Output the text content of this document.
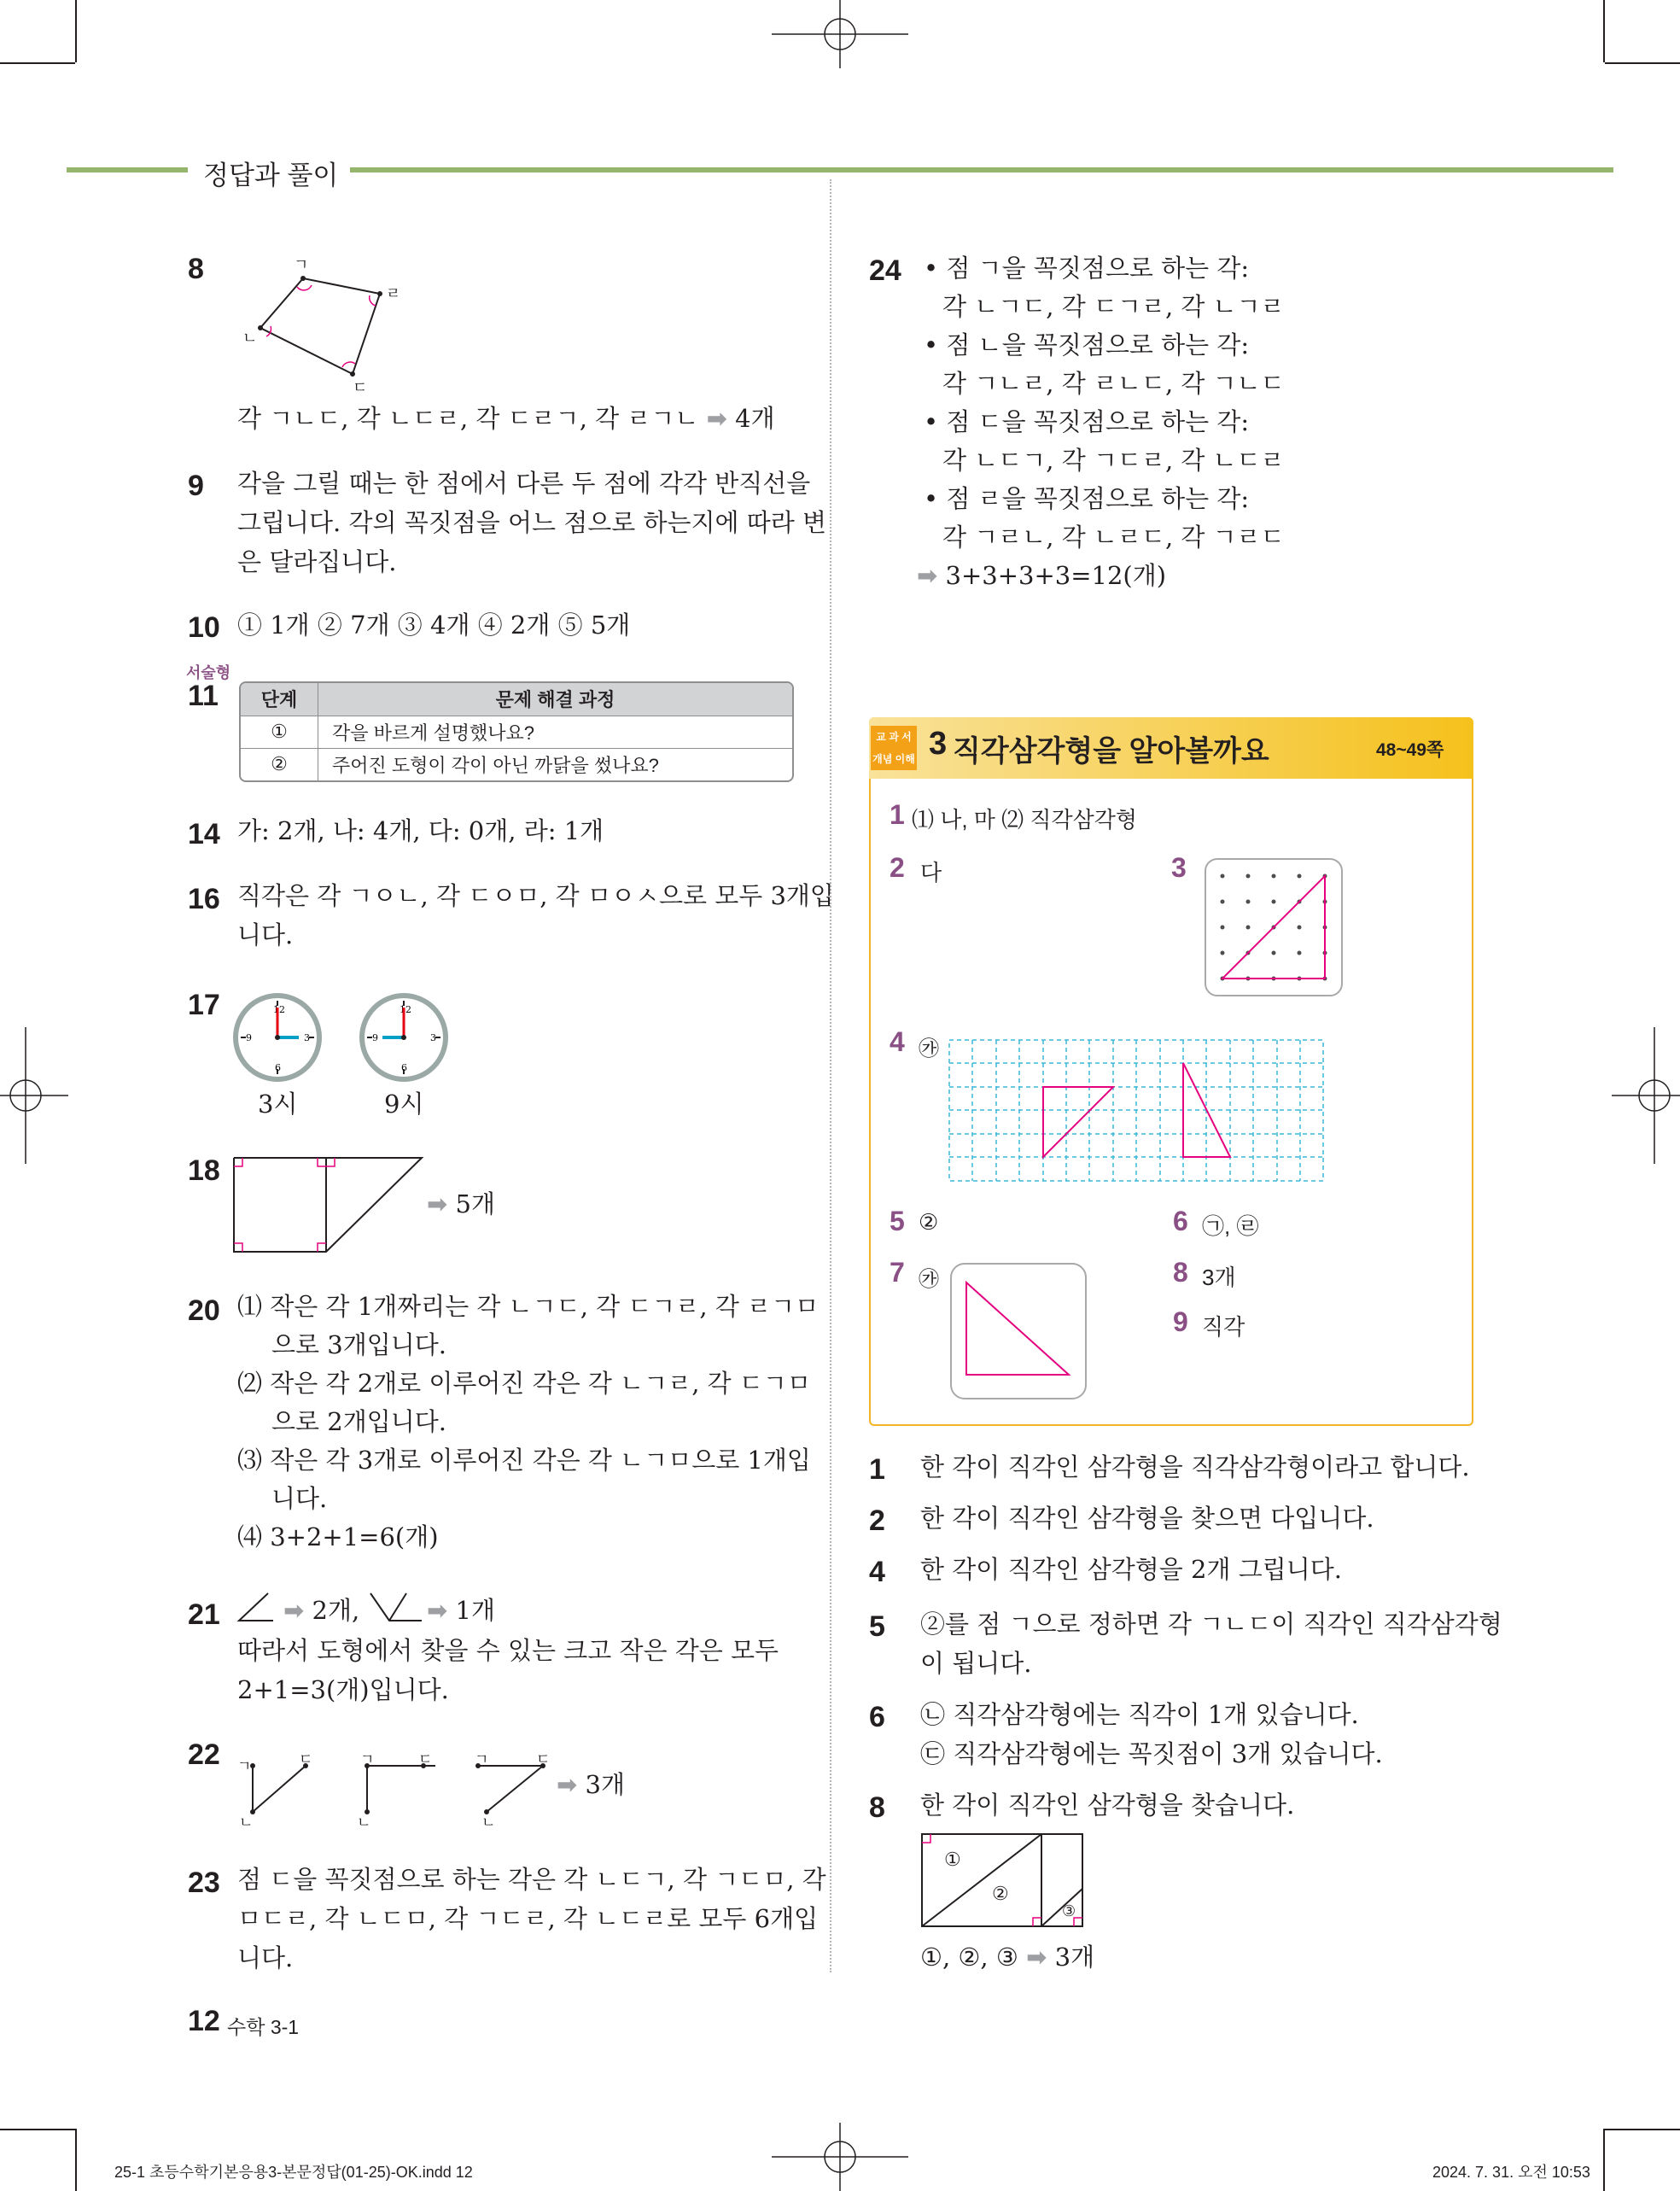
정답과 풀이
8	ㄱ
ㄹ
ㄴ
ㄷ
각 ㄱㄴㄷ, 각 ㄴㄷㄹ, 각 ㄷㄹㄱ, 각 ㄹㄱㄴ ➡ 4개
9 각을 그릴 때는 한 점에서 다른 두 점에 각각 반직선을
그립니다. 각의 꼭짓점을 어느 점으로 하는지에 따라 변
은 달라집니다.
10 ① 1개 ② 7개 ③ 4개 ④ 2개 ⑤ 5개
서술형
11 단계	문제 해결 과정
①	각을 바르게 설명했나요?
②	주어진 도형이 각이 아닌 까닭을 썼나요?
14 가: 2개, 나: 4개, 다: 0개, 라: 1개
16 직각은 각 ㄱㅇㄴ, 각 ㄷㅇㅁ, 각 ㅁㅇㅅ으로 모두 3개입
니다.
17	12
3
6
9
12
3
6
9
3시	9시
18
➡ 5개
20 ⑴ 작은 각 1개짜리는 각 ㄴㄱㄷ, 각 ㄷㄱㄹ, 각 ㄹㄱㅁ
으로 3개입니다.
⑵ 작은 각 2개로 이루어진 각은 각 ㄴㄱㄹ, 각 ㄷㄱㅁ
으로 2개입니다.
⑶ 작은 각 3개로 이루어진 각은 각 ㄴㄱㅁ으로 1개입
니다.
⑷ 3+2+1=6(개)
21	➡ 2개,	➡ 1개
따라서 도형에서 찾을 수 있는 크고 작은 각은 모두
2+1=3(개)입니다.
22 ㄱ	ㄷ
ㄴ
ㄱ	ㄷ
ㄴ
ㄱ	ㄷ
ㄴ
➡ 3개
23 점 ㄷ을 꼭짓점으로 하는 각은 각 ㄴㄷㄱ, 각 ㄱㄷㅁ, 각
ㅁㄷㄹ, 각 ㄴㄷㅁ, 각 ㄱㄷㄹ, 각 ㄴㄷㄹ로 모두 6개입
니다.
12 수학 3-1
24 • 점 ㄱ을 꼭짓점으로 하는 각:
각 ㄴㄱㄷ, 각 ㄷㄱㄹ, 각 ㄴㄱㄹ
• 점 ㄴ을 꼭짓점으로 하는 각:
각 ㄱㄴㄹ, 각 ㄹㄴㄷ, 각 ㄱㄴㄷ
• 점 ㄷ을 꼭짓점으로 하는 각:
각 ㄴㄷㄱ, 각 ㄱㄷㄹ, 각 ㄴㄷㄹ
• 점 ㄹ을 꼭짓점으로 하는 각:
각 ㄱㄹㄴ, 각 ㄴㄹㄷ, 각 ㄱㄹㄷ
➡ 3+3+3+3=12(개)
교 과 서
개념 이해 3 직각삼각형을 알아볼까요	48~49쪽
1 ⑴ 나, 마 ⑵ 직각삼각형
2 다	3
4 ㉮
5 ②	6 ㉠, ㉣
7 ㉮	8 3개
9 직각
1 한 각이 직각인 삼각형을 직각삼각형이라고 합니다.
2 한 각이 직각인 삼각형을 찾으면 다입니다.
4 한 각이 직각인 삼각형을 2개 그립니다.
5 ②를 점 ㄱ으로 정하면 각 ㄱㄴㄷ이 직각인 직각삼각형
이 됩니다.
6 ㉡ 직각삼각형에는 직각이 1개 있습니다.
㉢ 직각삼각형에는 꼭짓점이 3개 있습니다.
8 한 각이 직각인 삼각형을 찾습니다.
①
②
③
①, ②, ③ ➡ 3개
25-1 초등수학기본응용3-본문정답(01-25)-OK.indd 12	2024. 7. 31. 오전 10:53
